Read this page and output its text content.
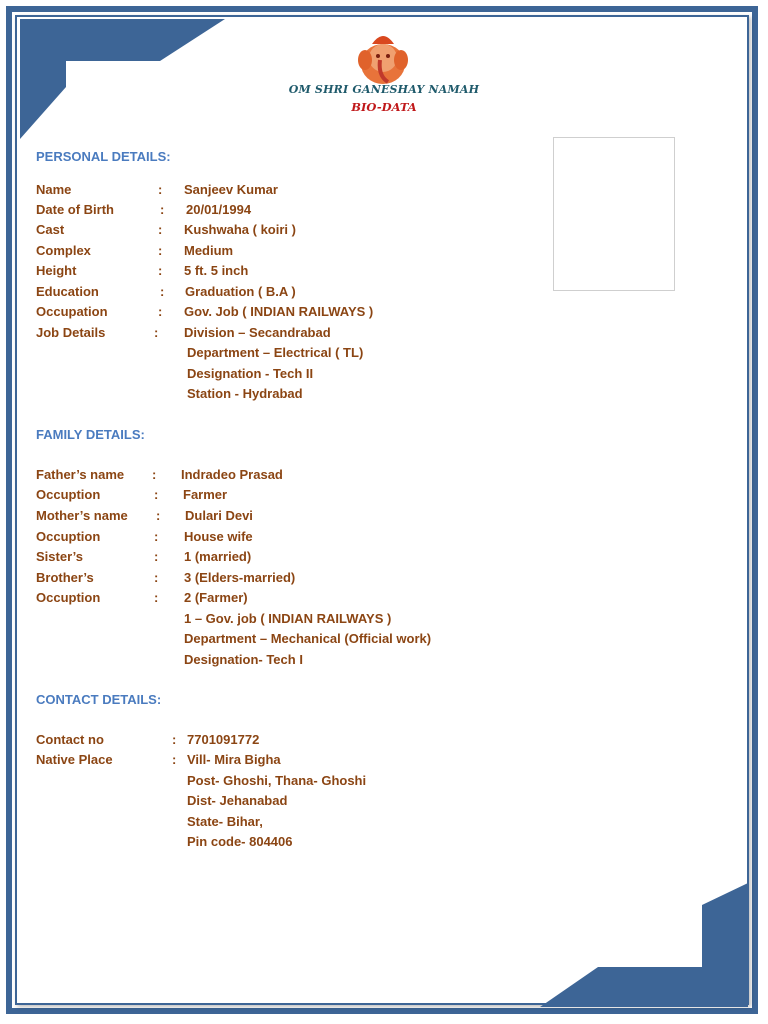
OM SHRI GANESHAY NAMAH
BIO-DATA
PERSONAL DETAILS:
Name	: Sanjeev Kumar
Date of Birth	: 20/01/1994
Cast	: Kushwaha ( koiri )
Complex	: Medium
Height	: 5 ft. 5 inch
Education	: Graduation ( B.A )
Occupation	: Gov. Job ( INDIAN RAILWAYS )
Job Details	: Division – Secandrabad
Department – Electrical ( TL)
Designation - Tech II
Station - Hydrabad
FAMILY DETAILS:
Father’s name : Indradeo Prasad
Occuption	: Farmer
Mother’s name : Dulari Devi
Occuption	: House wife
Sister’s	: 1 (married)
Brother’s	: 3 (Elders-married)
Occuption	: 2 (Farmer)
1 – Gov. job ( INDIAN RAILWAYS )
Department – Mechanical (Official work)
Designation- Tech I
CONTACT DETAILS:
Contact no	: 7701091772
Native Place	: Vill- Mira Bigha
Post- Ghoshi, Thana- Ghoshi
Dist- Jehanabad
State- Bihar,
Pin code- 804406
